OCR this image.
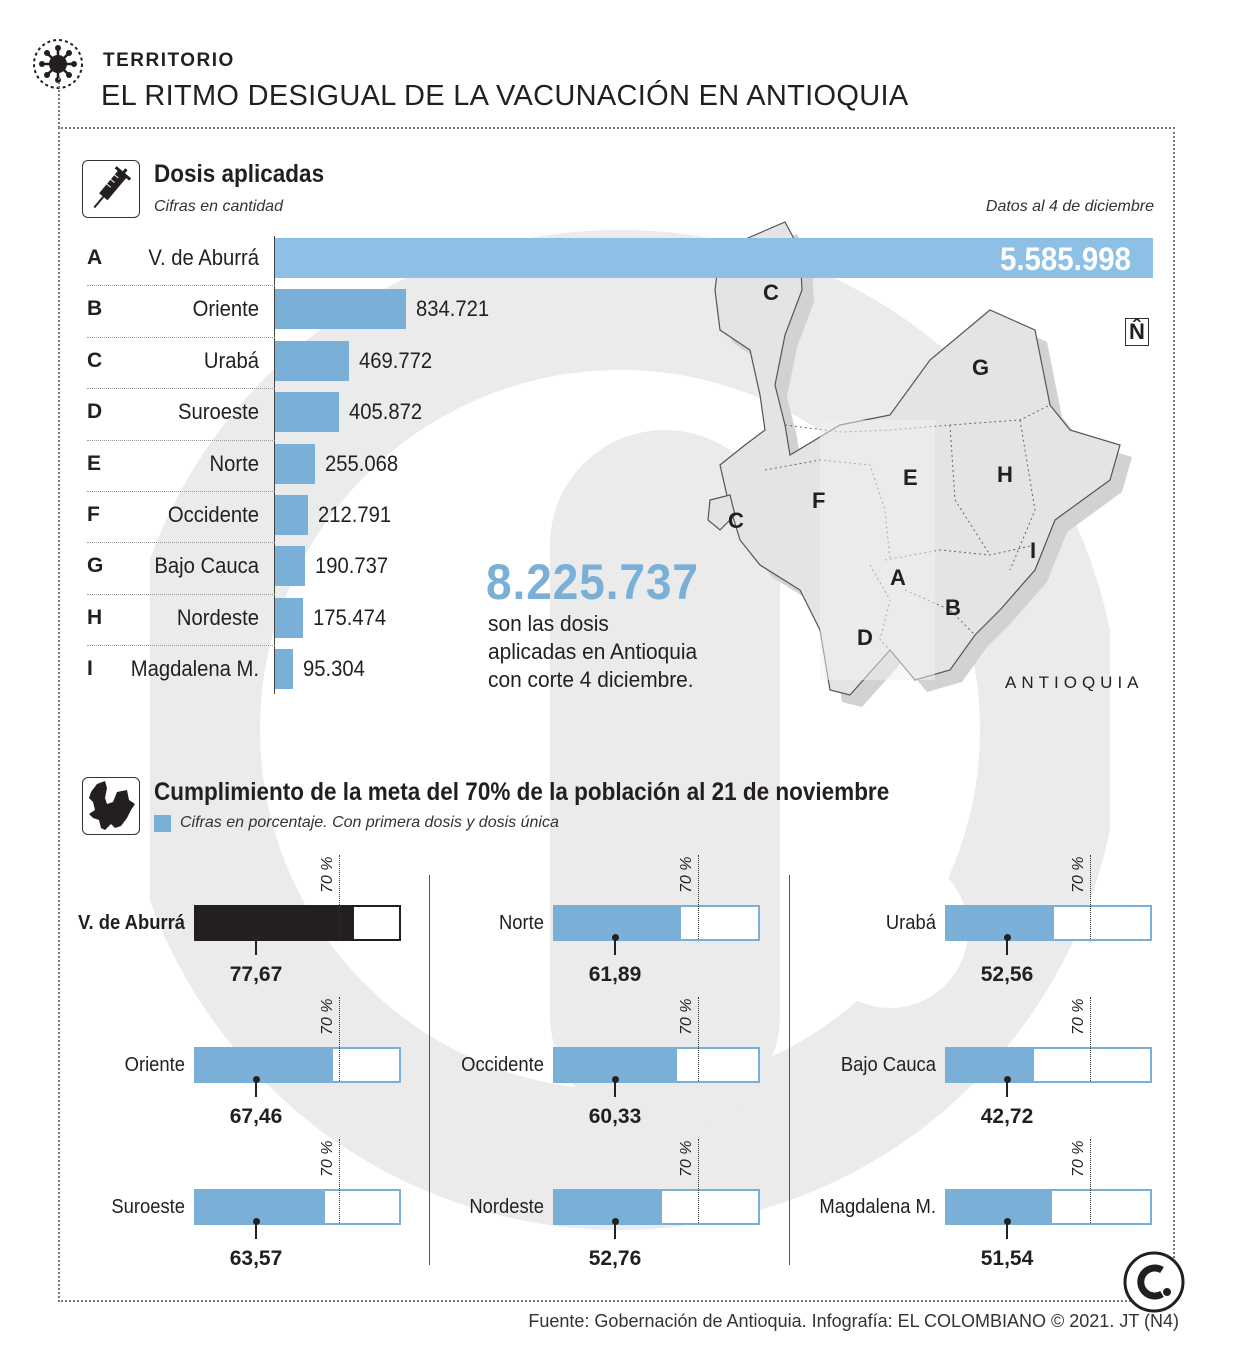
TERRITORIO
EL RITMO DESIGUAL DE LA VACUNACIÓN EN ANTIOQUIA
Dosis aplicadas
Cifras en cantidad	Datos al 4 de diciembre
C
G
E	H
F
C
I
A
B
D
N̂
ANTIOQUIA
A	V. de Aburrá	5.585.998
B	Oriente	834.721
C	Urabá	469.772
D	Suroeste	405.872
E	Norte	255.068
F	Occidente	212.791
G	Bajo Cauca	190.737
H	Nordeste 175.474
I	Magdalena M. 95.304
8.225.737
son las dosis
aplicadas en Antioquia
con corte 4 diciembre.
Cumplimiento de la meta del 70% de la población al 21 de noviembre
Cifras en porcentaje. Con primera dosis y dosis única
V. de Aburrá
70 %
77,67
Oriente
70 %
67,46
Suroeste
70 %
63,57
Norte
70 %
61,89
Occidente
70 %
60,33
Nordeste
70 %
52,76
Urabá
70 %
52,56
Bajo Cauca
70 %
42,72
Magdalena M.
70 %
51,54
Fuente: Gobernación de Antioquia. Infografía: EL COLOMBIANO © 2021. JT (N4)
